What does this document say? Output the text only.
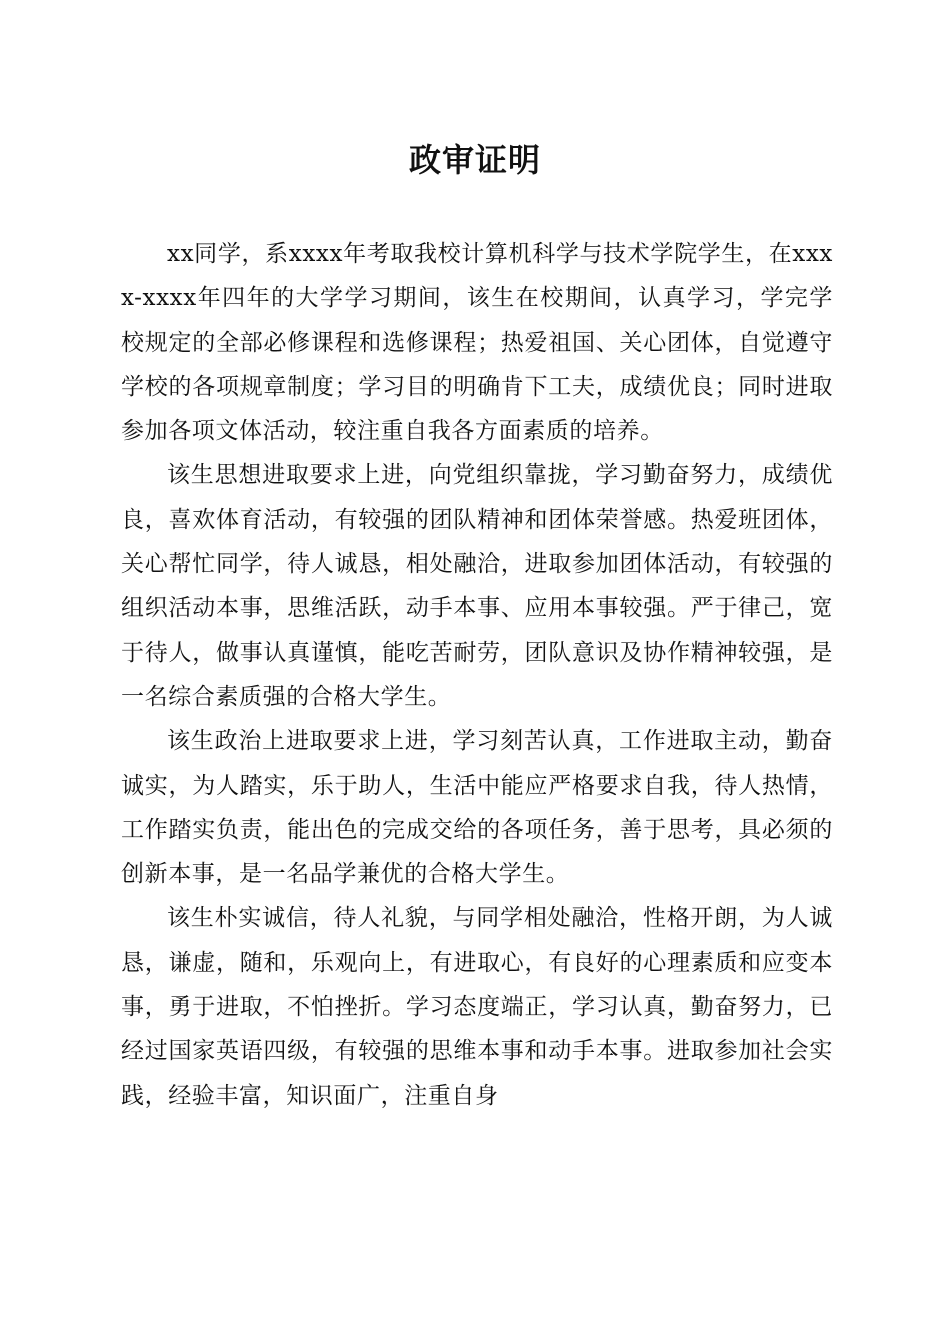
政审证明

xx同学，系xxxx年考取我校计算机科学与技术学院学生，在xxxx-xxxx年四年的大学学习期间，该生在校期间，认真学习，学完学校规定的全部必修课程和选修课程；热爱祖国、关心团体，自觉遵守学校的各项规章制度；学习目的明确肯下工夫，成绩优良；同时进取参加各项文体活动，较注重自我各方面素质的培养。

该生思想进取要求上进，向党组织靠拢，学习勤奋努力，成绩优良，喜欢体育活动，有较强的团队精神和团体荣誉感。热爱班团体，关心帮忙同学，待人诚恳，相处融洽，进取参加团体活动，有较强的组织活动本事，思维活跃，动手本事、应用本事较强。严于律己，宽于待人，做事认真谨慎，能吃苦耐劳，团队意识及协作精神较强，是一名综合素质强的合格大学生。

该生政治上进取要求上进，学习刻苦认真，工作进取主动，勤奋诚实，为人踏实，乐于助人，生活中能应严格要求自我，待人热情，工作踏实负责，能出色的完成交给的各项任务，善于思考，具必须的创新本事，是一名品学兼优的合格大学生。

该生朴实诚信，待人礼貌，与同学相处融洽，性格开朗，为人诚恳，谦虚，随和，乐观向上，有进取心，有良好的心理素质和应变本事，勇于进取，不怕挫折。学习态度端正，学习认真，勤奋努力，已经过国家英语四级，有较强的思维本事和动手本事。进取参加社会实践，经验丰富，知识面广，注重自身
